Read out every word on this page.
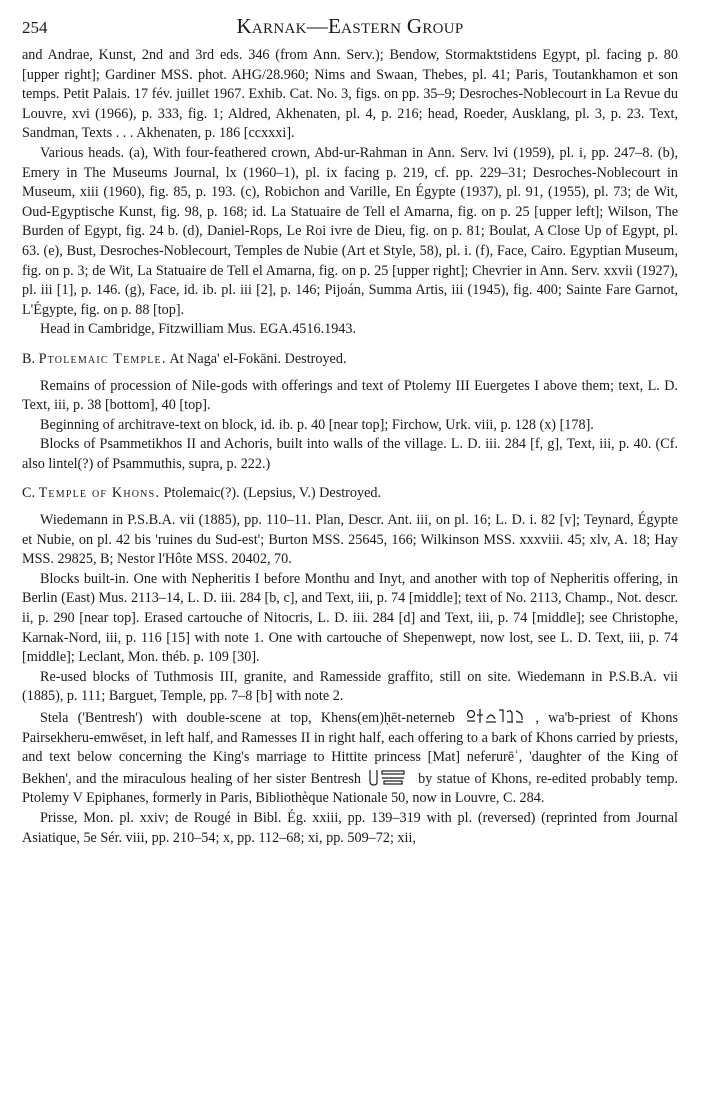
254	Karnak—Eastern Group

and Andrae, Kunst, 2nd and 3rd eds. 346 (from Ann. Serv.); Bendow, Stormaktstidens Egypt, pl. facing p. 80 [upper right]; Gardiner MSS. phot. AHG/28.960; Nims and Swaan, Thebes, pl. 41; Paris, Toutankhamon et son temps. Petit Palais. 17 fév. juillet 1967. Exhib. Cat. No. 3, figs. on pp. 35–9; Desroches-Noblecourt in La Revue du Louvre, xvi (1966), p. 333, fig. 1; Aldred, Akhenaten, pl. 4, p. 216; head, Roeder, Ausklang, pl. 3, p. 23. Text, Sandman, Texts . . . Akhenaten, p. 186 [ccxxxi].

Various heads. (a), With four-feathered crown, Abd-ur-Rahman in Ann. Serv. lvi (1959), pl. i, pp. 247–8. (b), Emery in The Museums Journal, lx (1960–1), pl. ix facing p. 219, cf. pp. 229–31; Desroches-Noblecourt in Museum, xiii (1960), fig. 85, p. 193. (c), Robichon and Varille, En Égypte (1937), pl. 91, (1955), pl. 73; de Wit, Oud-Egyptische Kunst, fig. 98, p. 168; id. La Statuaire de Tell el Amarna, fig. on p. 25 [upper left]; Wilson, The Burden of Egypt, fig. 24 b. (d), Daniel-Rops, Le Roi ivre de Dieu, fig. on p. 81; Boulat, A Close Up of Egypt, pl. 63. (e), Bust, Desroches-Noblecourt, Temples de Nubie (Art et Style, 58), pl. i. (f), Face, Cairo. Egyptian Museum, fig. on p. 3; de Wit, La Statuaire de Tell el Amarna, fig. on p. 25 [upper right]; Chevrier in Ann. Serv. xxvii (1927), pl. iii [1], p. 146. (g), Face, id. ib. pl. iii [2], p. 146; Pijoán, Summa Artis, iii (1945), fig. 400; Sainte Fare Garnot, L'Égypte, fig. on p. 88 [top].

Head in Cambridge, Fitzwilliam Mus. EGA.4516.1943.

B. Ptolemaic Temple. At Naga' el-Fokāni. Destroyed.

Remains of procession of Nile-gods with offerings and text of Ptolemy III Euergetes I above them; text, L. D. Text, iii, p. 38 [bottom], 40 [top].

Beginning of architrave-text on block, id. ib. p. 40 [near top]; Firchow, Urk. viii, p. 128 (x) [178].

Blocks of Psammetikhos II and Achoris, built into walls of the village. L. D. iii. 284 [f, g], Text, iii, p. 40. (Cf. also lintel(?) of Psammuthis, supra, p. 222.)

C. Temple of Khons. Ptolemaic(?). (Lepsius, V.) Destroyed.

Wiedemann in P.S.B.A. vii (1885), pp. 110–11. Plan, Descr. Ant. iii, on pl. 16; L. D. i. 82 [v]; Teynard, Égypte et Nubie, on pl. 42 bis 'ruines du Sud-est'; Burton MSS. 25645, 166; Wilkinson MSS. xxxviii. 45; xlv, A. 18; Hay MSS. 29825, B; Nestor l'Hôte MSS. 20402, 70.

Blocks built-in. One with Nepheritis I before Monthu and Inyt, and another with top of Nepheritis offering, in Berlin (East) Mus. 2113–14, L. D. iii. 284 [b, c], and Text, iii, p. 74 [middle]; text of No. 2113, Champ., Not. descr. ii, p. 290 [near top]. Erased cartouche of Nitocris, L. D. iii. 284 [d] and Text, iii, p. 74 [middle]; see Christophe, Karnak-Nord, iii, p. 116 [15] with note 1. One with cartouche of Shepenwept, now lost, see L. D. Text, iii, p. 74 [middle]; Leclant, Mon. théb. p. 109 [30].

Re-used blocks of Tuthmosis III, granite, and Ramesside graffito, still on site. Wiedemann in P.S.B.A. vii (1885), p. 111; Barguet, Temple, pp. 7–8 [b] with note 2.

Stela ('Bentresh') with double-scene at top, Khens(em)ḥēt-neterneb	, wa'b-priest of Khons Pairsekheru-emwēset, in left half, and Ramesses II in right half, each offering to a bark of Khons carried by priests, and text below concerning the King's marriage to Hittite princess [Mat] neferurēʿ, 'daughter of the King of Bekhen', and the miraculous healing of her sister Bentresh	by statue of Khons, re-edited probably temp. Ptolemy V Epiphanes, formerly in Paris, Bibliothèque Nationale 50, now in Louvre, C. 284.

Prisse, Mon. pl. xxiv; de Rougé in Bibl. Ég. xxiii, pp. 139–319 with pl. (reversed) (reprinted from Journal Asiatique, 5e Sér. viii, pp. 210–54; x, pp. 112–68; xi, pp. 509–72; xii,
